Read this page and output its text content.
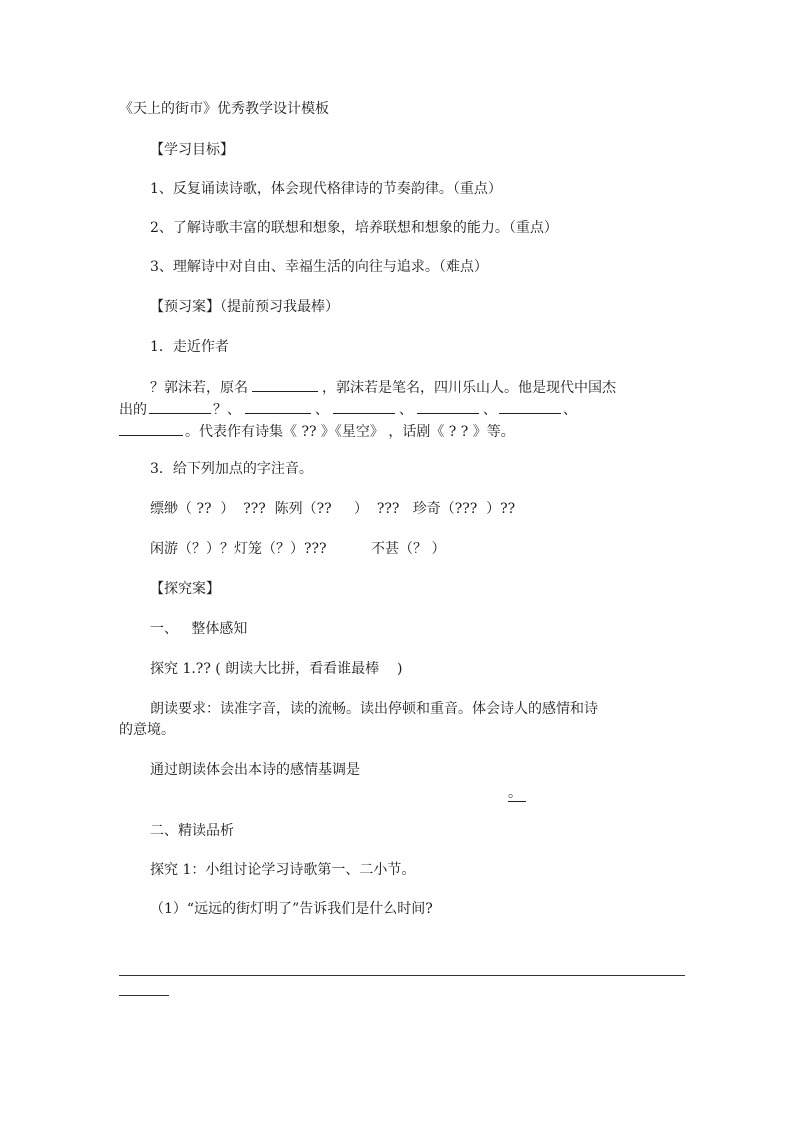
《天上的街市》优秀教学设计模板
【学习目标】
1、反复诵读诗歌，体会现代格律诗的节奏韵律。（重点）
2、了解诗歌丰富的联想和想象，培养联想和想象的能力。（重点）
3、理解诗中对自由、幸福生活的向往与追求。（难点）
【预习案】（提前预习我最棒）
1．走近作者
？郭沫若，原名	，郭沫若是笔名，四川乐山人。他是现代中国杰
出的	？、	、	、	、	、
。代表作有诗集《 ?? 》《星空》 ，话剧《 ? ? 》等。
3．给下列加点的字注音。
缥缈（ ??  ）  ???  陈列（??     ）  ???   珍奇（???  ）??
闲游（？）？灯笼（？）???          不甚（？ ）
【探究案】
一、   整体感知
探究 1.?? ( 朗读大比拼，看看谁最棒    )
朗读要求：读准字音，读的流畅。读出停顿和重音。体会诗人的感情和诗
的意境。
通过朗读体会出本诗的感情基调是
。
二、精读品析
探究 1：小组讨论学习诗歌第一、二小节。
（1）“远远的街灯明了”告诉我们是什么时间?
